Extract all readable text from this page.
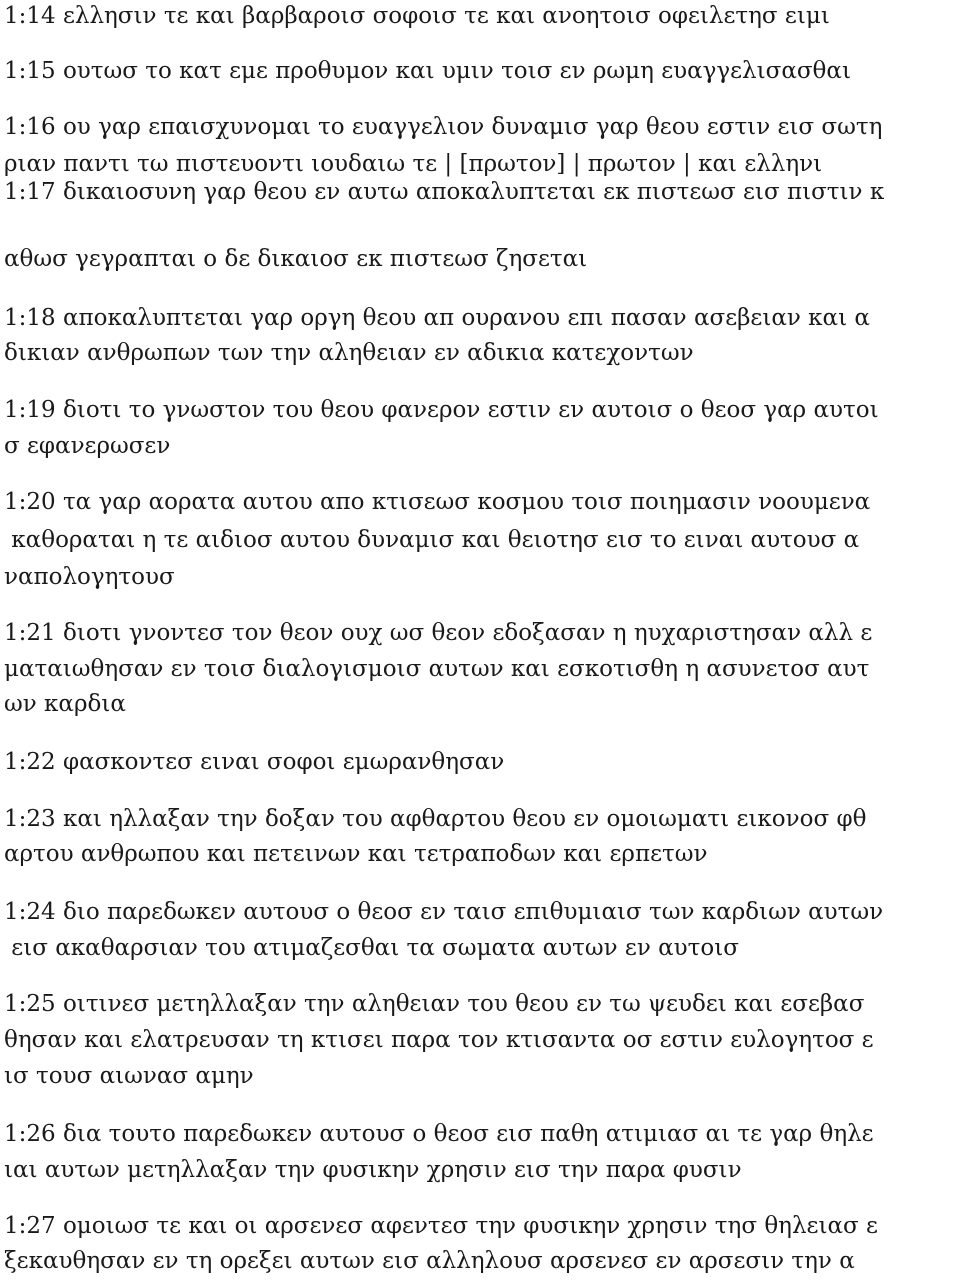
1:14 ελλησιν τε και βαρβαροισ σοφοισ τε και ανοητοισ οφειλετησ ειμι
1:15 ουτωσ το κατ εμε προθυμον και υμιν τοισ εν ρωμη ευαγγελισασθαι
1:16 ου γαρ επαισχυνομαι το ευαγγελιον δυναμισ γαρ θεου εστιν εισ σωτη
ριαν παντι τω πιστευοντι ιουδαιω τε | [πρωτον] | πρωτον | και ελληνι
1:17 δικαιοσυνη γαρ θεου εν αυτω αποκαλυπτεται εκ πιστεωσ εισ πιστιν κ
αθωσ γεγραπται ο δε δικαιοσ εκ πιστεωσ ζησεται
1:18 αποκαλυπτεται γαρ οργη θεου απ ουρανου επι πασαν ασεβειαν και α
δικιαν ανθρωπων των την αληθειαν εν αδικια κατεχοντων
1:19 διοτι το γνωστον του θεου φανερον εστιν εν αυτοισ ο θεοσ γαρ αυτοι
σ εφανερωσεν
1:20 τα γαρ αορατα αυτου απο κτισεωσ κοσμου τοισ ποιημασιν νοουμενα
καθοραται η τε αιδιοσ αυτου δυναμισ και θειοτησ εισ το ειναι αυτουσ α
ναπολογητουσ
1:21 διοτι γνοντεσ τον θεον ουχ ωσ θεον εδοξασαν η ηυχαριστησαν αλλ ε
ματαιωθησαν εν τοισ διαλογισμοισ αυτων και εσκοτισθη η ασυνετοσ αυτ
ων καρδια
1:22 φασκοντεσ ειναι σοφοι εμωρανθησαν
1:23 και ηλλαξαν την δοξαν του αφθαρτου θεου εν ομοιωματι εικονοσ φθ
αρτου ανθρωπου και πετεινων και τετραποδων και ερπετων
1:24 διο παρεδωκεν αυτουσ ο θεοσ εν ταισ επιθυμιαισ των καρδιων αυτων
εισ ακαθαρσιαν του ατιμαζεσθαι τα σωματα αυτων εν αυτοισ
1:25 οιτινεσ μετηλλαξαν την αληθειαν του θεου εν τω ψευδει και εσεβασ
θησαν και ελατρευσαν τη κτισει παρα τον κτισαντα οσ εστιν ευλογητοσ ε
ισ τουσ αιωνασ αμην
1:26 δια τουτο παρεδωκεν αυτουσ ο θεοσ εισ παθη ατιμιασ αι τε γαρ θηλε
ιαι αυτων μετηλλαξαν την φυσικην χρησιν εισ την παρα φυσιν
1:27 ομοιωσ τε και οι αρσενεσ αφεντεσ την φυσικην χρησιν τησ θηλειασ ε
ξεκαυθησαν εν τη ορεξει αυτων εισ αλληλουσ αρσενεσ εν αρσεσιν την α
